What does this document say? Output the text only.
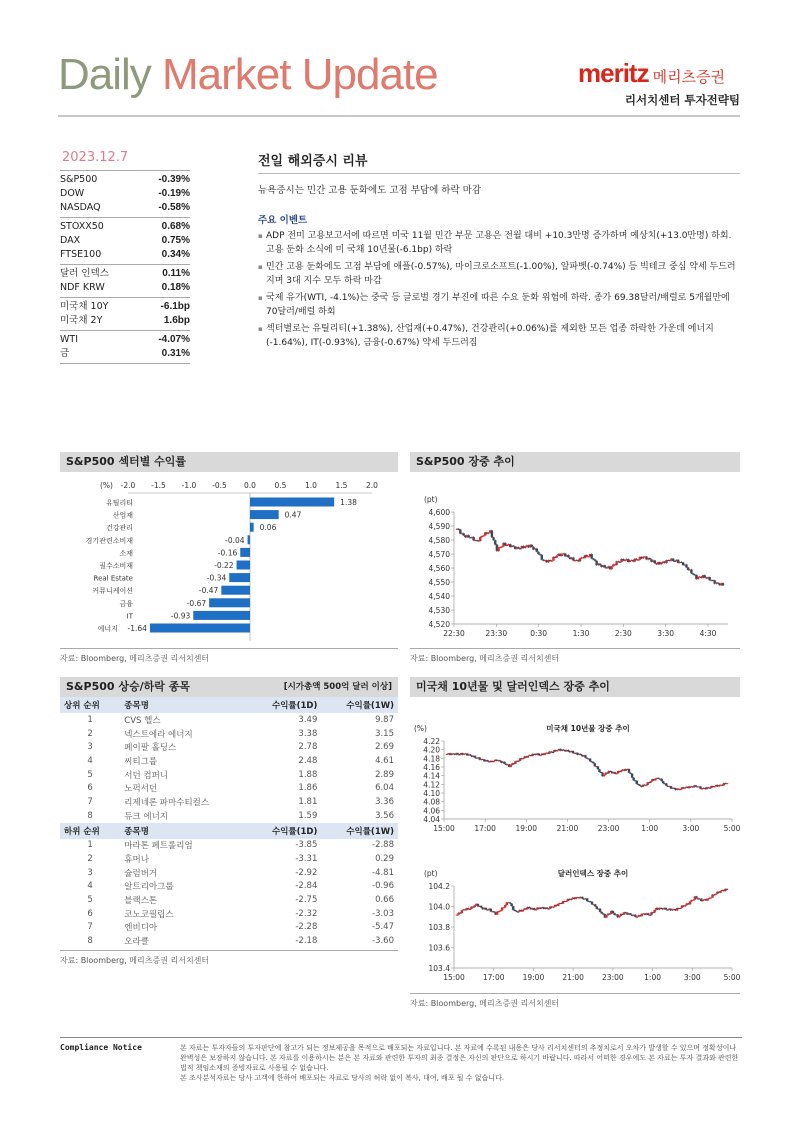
Daily Market Update	meritz 메리츠증권
리서치센터 투자전략팀
2023.12.7
S&P500	-0.39%
DOW	-0.19%
NASDAQ	-0.58%
STOXX50	0.68%
DAX	0.75%
FTSE100	0.34%
달러 인덱스	0.11%
NDF KRW	0.18%
미국채 10Y	-6.1bp
미국채 2Y	1.6bp
WTI	-4.07%
금	0.31%
전일 해외증시 리뷰
뉴욕증시는 민간 고용 둔화에도 고점 부담에 하락 마감
주요 이벤트
▪ ADP 전미 고용보고서에 따르면 미국 11월 민간 부문 고용은 전월 대비 +10.3만명 증가하며 예상치(+13.0만명) 하회. 고용 둔화 소식에 미 국채 10년물(-6.1bp) 하락
▪ 민간 고용 둔화에도 고점 부담에 애플(-0.57%), 마이크로소프트(-1.00%), 알파벳(-0.74%) 등 빅테크 중심 약세 두드러지며 3대 지수 모두 하락 마감
▪ 국제 유가(WTI, -4.1%)는 중국 등 글로벌 경기 부진에 따른 수요 둔화 위험에 하락. 종가 69.38달러/배럴로 5개월만에 70달러/배럴 하회
▪ 섹터별로는 유틸리티(+1.38%), 산업재(+0.47%), 건강관리(+0.06%)를 제외한 모든 업종 하락한 가운데 에너지(-1.64%), IT(-0.93%), 금융(-0.67%) 약세 두드러짐
S&P500 섹터별 수익률
(%) -2.0 -1.5 -1.0 -0.5 0.0 0.5 1.0 1.5 2.0
유틸리티	1.38
산업재	0.47
건강관리	0.06
경기관련소비재	-0.04
소재	-0.16
필수소비재	-0.22
Real Estate	-0.34
커뮤니케이션	-0.47
금융	-0.67
IT	-0.93
에너지 -1.64
자료: Bloomberg, 메리츠증권 리서치센터
S&P500 장중 추이
(pt)
4,520
4,530
4,540
4,550
4,560
4,570
4,580
4,590
4,600
22:30	23:30	0:30	1:30	2:30	3:30	4:30
자료: Bloomberg, 메리츠증권 리서치센터
S&P500 상승/하락 종목	[시가총액 500억 달러 이상]
상위 순위	종목명	수익률(1D)	수익률(1W)
1	CVS 헬스	3.49	9.87
2	넥스트에라 에너지	3.38	3.15
3	페이팔 홀딩스	2.78	2.69
4	씨티그룹	2.48	4.61
5	서던 컴퍼니	1.88	2.89
6	노퍽서던	1.86	6.04
7	리제네론 파마수티컬스	1.81	3.36
8	듀크 에너지	1.59	3.56
하위 순위	종목명	수익률(1D)	수익률(1W)
1	마라톤 페트롤리엄	-3.85	-2.88
2	휴머나	-3.31	0.29
3	슐럼버거	-2.92	-4.81
4	알트리아그룹	-2.84	-0.96
5	블랙스톤	-2.75	0.66
6	코노코필립스	-2.32	-3.03
7	엔비디아	-2.28	-5.47
8	오라클	-2.18	-3.60
자료: Bloomberg, 메리츠증권 리서치센터
미국채 10년물 및 달러인덱스 장중 추이
(%)	미국채 10년물 장중 추이
4.04
4.06
4.08
4.10
4.12
4.14
4.16
4.18
4.20
4.22
15:00	17:00	19:00	21:00	23:00	1:00	3:00	5:00

(pt)	달러인덱스 장중 추이
103.4
103.6
103.8
104.0
104.2
15:00 17:00 19:00 21:00 23:00	1:00	3:00	5:00
자료: Bloomberg, 메리츠증권 리서치센터
Compliance Notice	본 자료는 투자자들의 투자판단에 참고가 되는 정보제공을 목적으로 배포되는 자료입니다. 본 자료에 수록된 내용은 당사 리서치센터의 추정치로서 오차가 발생할 수 있으며 정확성이나 완벽성은 보장하지 않습니다. 본 자료를 이용하시는 분은 본 자료와 관련한 투자의 최종 결정은 자신의 판단으로 하시기 바랍니다. 따라서 어떠한 경우에도 본 자료는 투자 결과와 관련한 법적 책임소재의 증빙자료로 사용될 수 없습니다.
본 조사분석자료는 당사 고객에 한하여 배포되는 자료로 당사의 허락 없이 복사, 대여, 배포 될 수 없습니다.
